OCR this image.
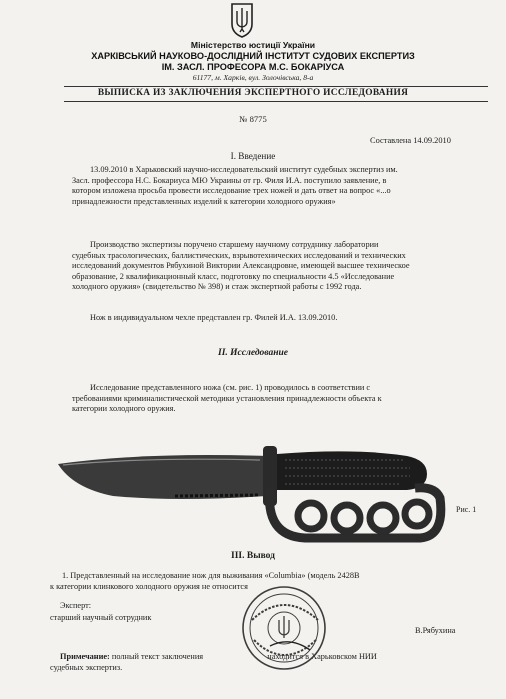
Міністерство юстиції України
ХАРКІВСЬКИЙ НАУКОВО-ДОСЛІДНИЙ ІНСТИТУТ СУДОВИХ ЕКСПЕРТИЗ
ІМ. ЗАСЛ. ПРОФЕСОРА М.С. БОКАРІУСА
61177, м. Харків, вул. Золочівська, 8-а
ВЫПИСКА ИЗ ЗАКЛЮЧЕНИЯ ЭКСПЕРТНОГО ИССЛЕДОВАНИЯ
№ 8775
Составлена 14.09.2010
I. Введение
13.09.2010 в Харьковский научно-исследовательский институт судебных экспертиз им.
Засл. профессора Н.С. Бокариуса МЮ Украины от гр. Филя И.А. поступило заявление, в
котором изложена просьба провести исследование трех ножей и дать ответ на вопрос «...о
принадлежности представленных изделий к категории холодного оружия»
Производство экспертизы поручено старшему научному сотруднику лаборатории
судебных трасологических, баллистических, взрывотехнических исследований и технических
исследований документов Рябухиной Виктории Александровне, имеющей высшее техническое
образование, 2 квалификационный класс, подготовку по специальности 4.5 «Исследование
холодного оружия» (свидетельство № 398) и стаж экспертной работы с 1992 года.
Нож в индивидуальном чехле представлен гр. Филей И.А. 13.09.2010.
II. Исследование
Исследование представленного ножа (см. рис. 1) проводилось в соответствии с
требованиями криминалистической методики установления принадлежности объекта к
категории холодного оружия.
Рис. 1
III. Вывод
1. Представленный на исследование нож для выживания «Columbia» (модель 2428В
к категории клинкового холодного оружия не относится
Эксперт:
старший научный сотрудник
В.Рябухина
Примечание: полный текст заключения	находится в Харьковском НИИ
судебных экспертиз.
